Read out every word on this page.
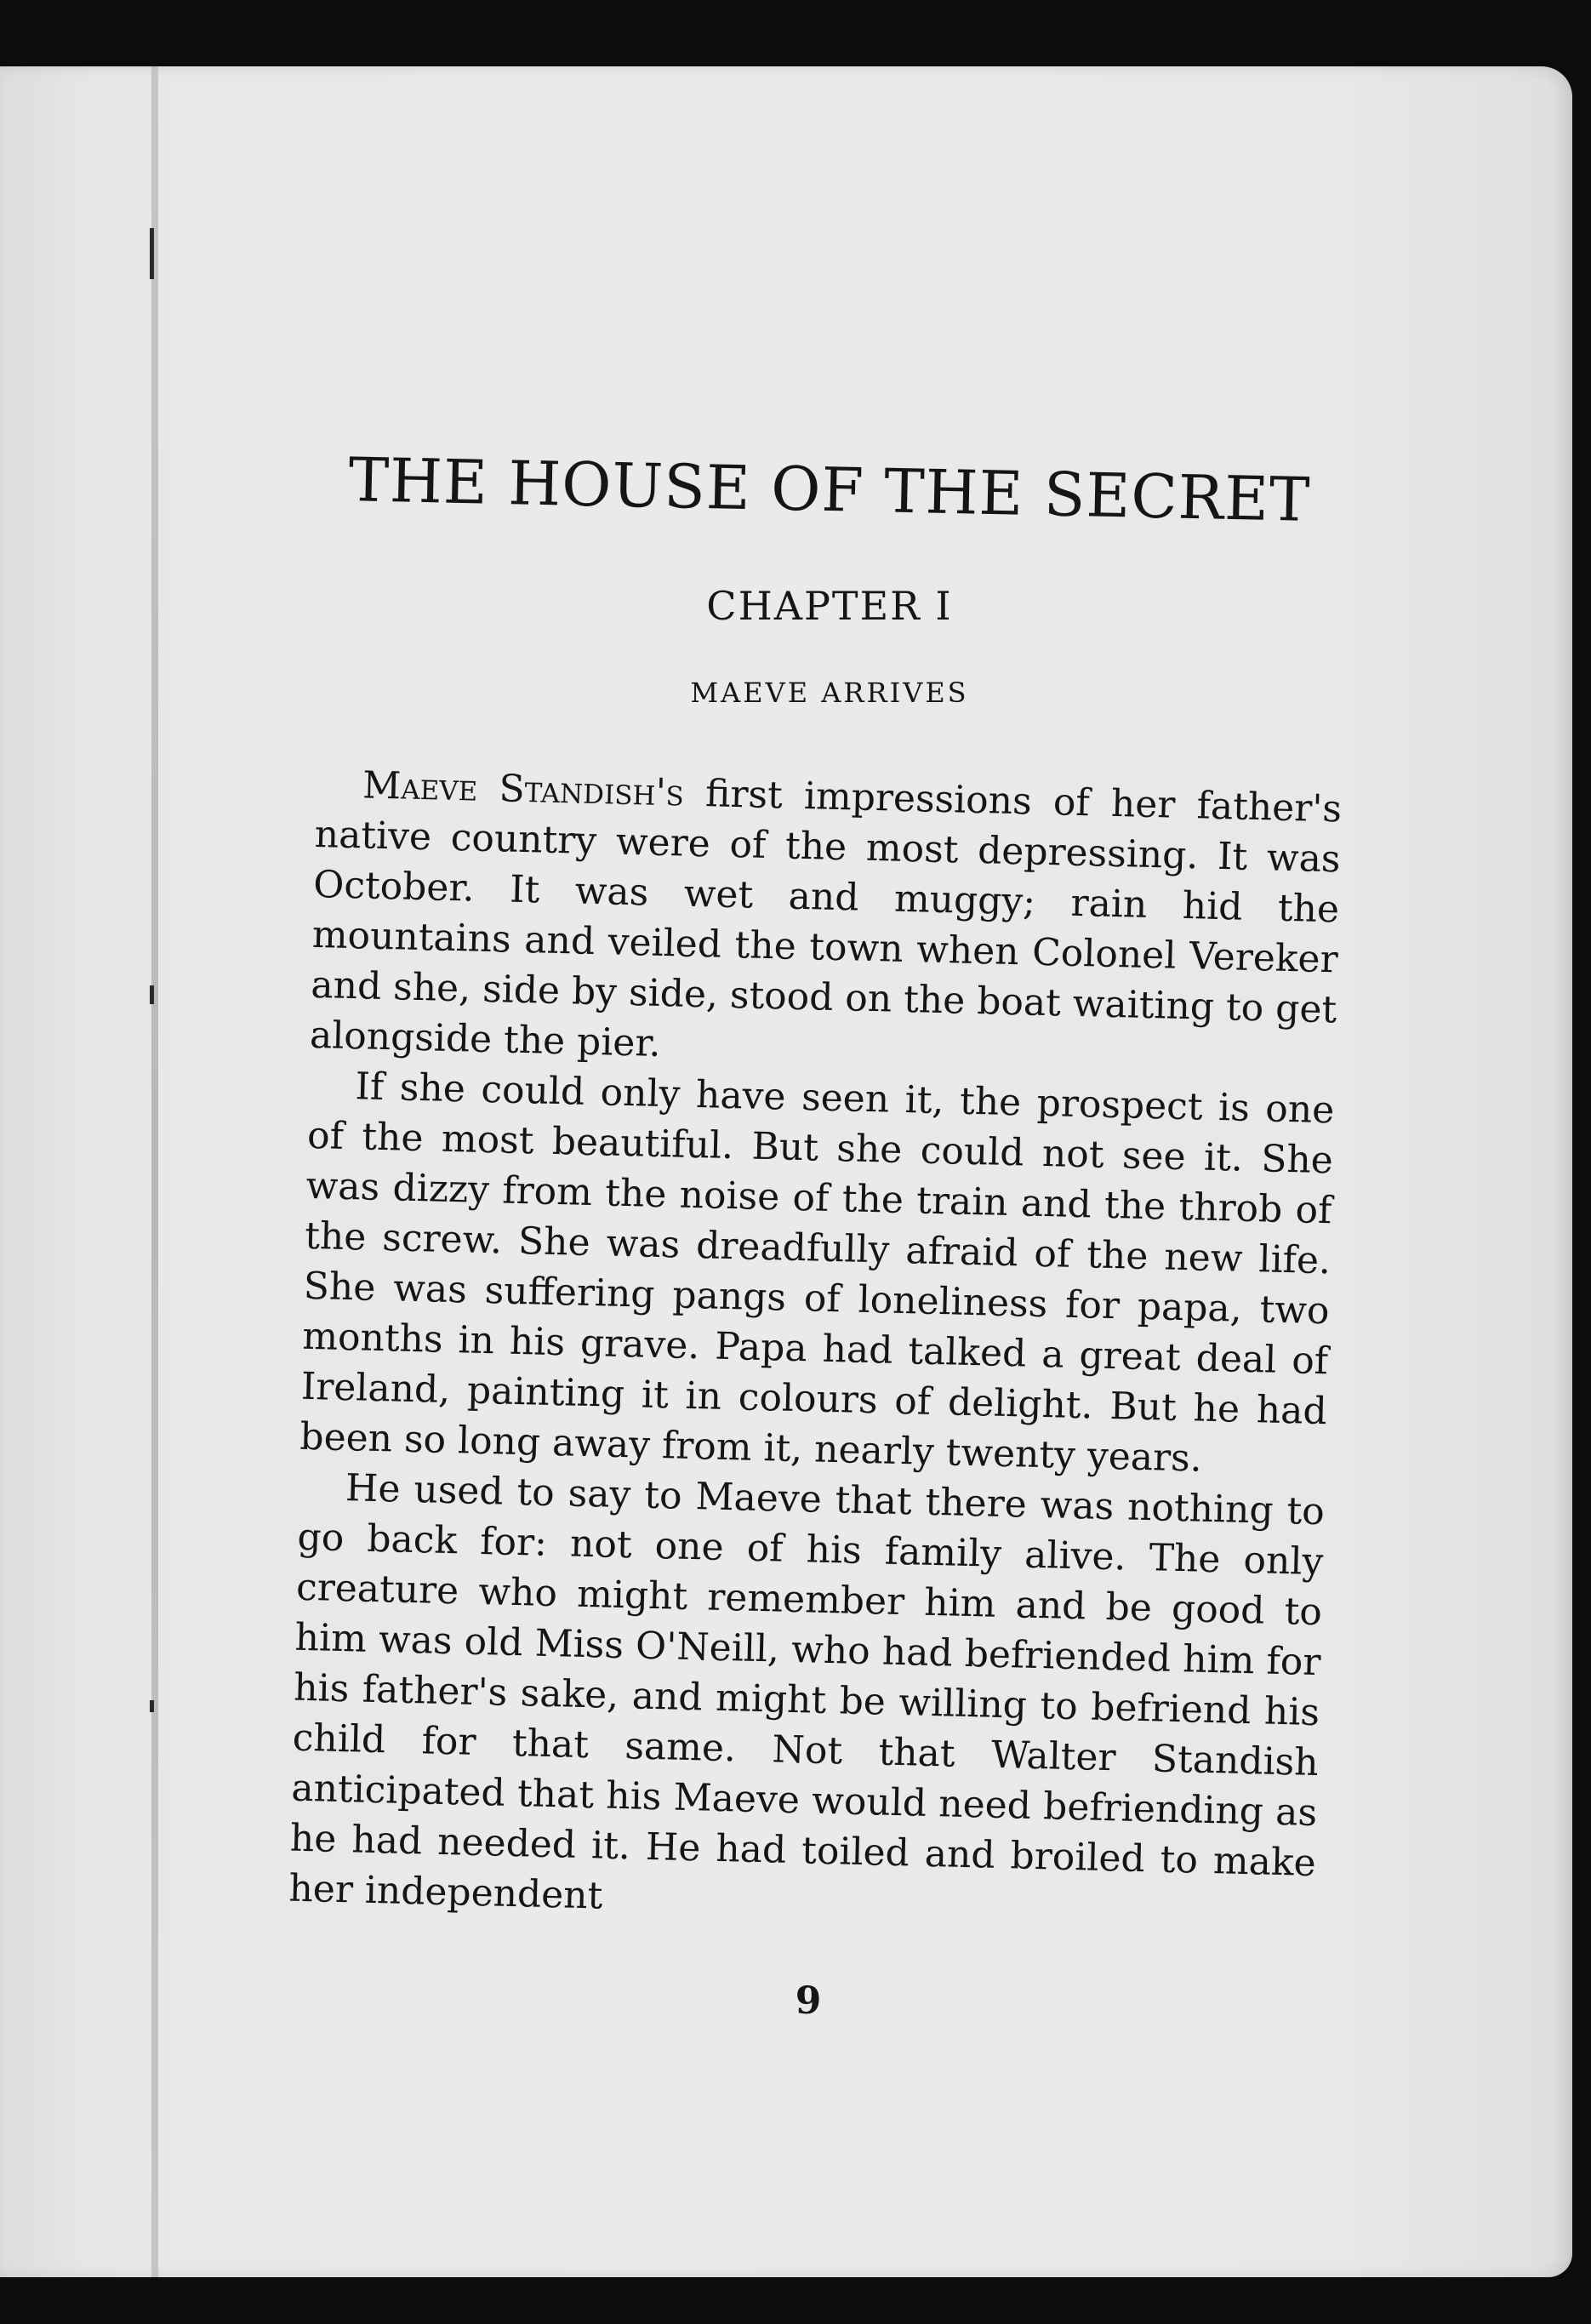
THE HOUSE OF THE SECRET
CHAPTER I
MAEVE ARRIVES

Maeve Standish's first impressions of her father's native country were of the most depressing. It was October. It was wet and muggy; rain hid the mountains and veiled the town when Colonel Vereker and she, side by side, stood on the boat waiting to get alongside the pier.

If she could only have seen it, the prospect is one of the most beautiful. But she could not see it. She was dizzy from the noise of the train and the throb of the screw. She was dreadfully afraid of the new life. She was suffering pangs of loneliness for papa, two months in his grave. Papa had talked a great deal of Ireland, painting it in colours of delight. But he had been so long away from it, nearly twenty years.

He used to say to Maeve that there was nothing to go back for: not one of his family alive. The only creature who might remember him and be good to him was old Miss O'Neill, who had befriended him for his father's sake, and might be willing to befriend his child for that same. Not that Walter Standish anticipated that his Maeve would need befriending as he had needed it. He had toiled and broiled to make her independent

9
